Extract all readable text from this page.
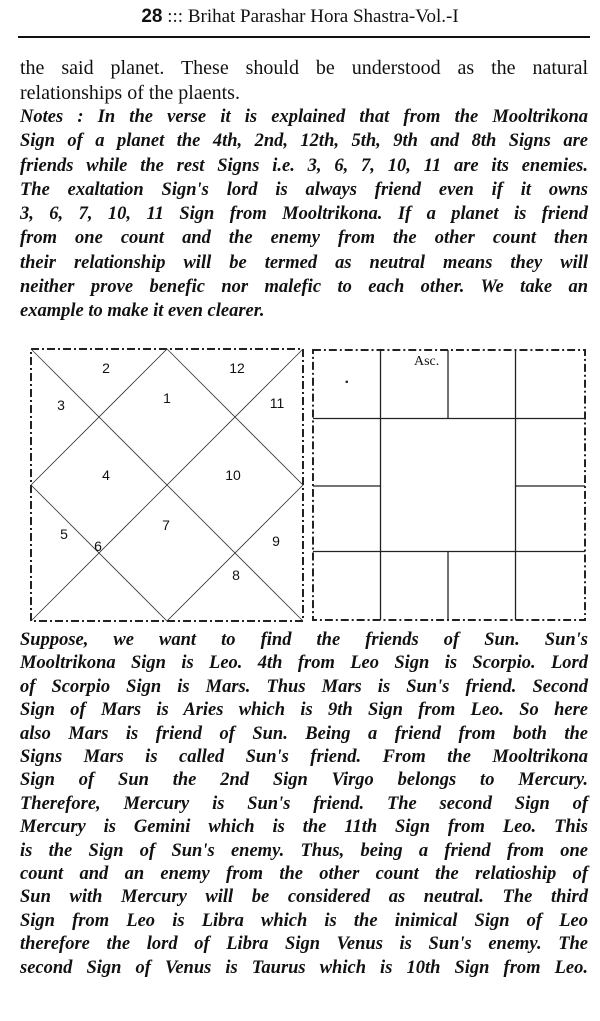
28 ::: Brihat Parashar Hora Shastra-Vol.-I
the said planet. These should be understood as the natural
relationships of the plaents.
Notes : In the verse it is explained that from the Mooltrikona
Sign of a planet the 4th, 2nd, 12th, 5th, 9th and 8th Signs are
friends while the rest Signs i.e. 3, 6, 7, 10, 11 are its enemies.
The exaltation Sign's lord is always friend even if it owns
3, 6, 7, 10, 11 Sign from Mooltrikona. If a planet is friend
from one count and the enemy from the other count then
their relationship will be termed as neutral means they will
neither prove benefic nor malefic to each other. We take an
example to make it even clearer.
Asc.
Suppose, we want to find the friends of Sun. Sun's
Mooltrikona Sign is Leo. 4th from Leo Sign is Scorpio. Lord
of Scorpio Sign is Mars. Thus Mars is Sun's friend. Second
Sign of Mars is Aries which is 9th Sign from Leo. So here
also Mars is friend of Sun. Being a friend from both the
Signs Mars is called Sun's friend. From the Mooltrikona
Sign of Sun the 2nd Sign Virgo belongs to Mercury.
Therefore, Mercury is Sun's friend. The second Sign of
Mercury is Gemini which is the 11th Sign from Leo. This
is the Sign of Sun's enemy. Thus, being a friend from one
count and an enemy from the other count the relatioship of
Sun with Mercury will be considered as neutral. The third
Sign from Leo is Libra which is the inimical Sign of Leo
therefore the lord of Libra Sign Venus is Sun's enemy. The
second Sign of Venus is Taurus which is 10th Sign from Leo.
1
2
3
4
5
6
7
8
9
10
11
12
